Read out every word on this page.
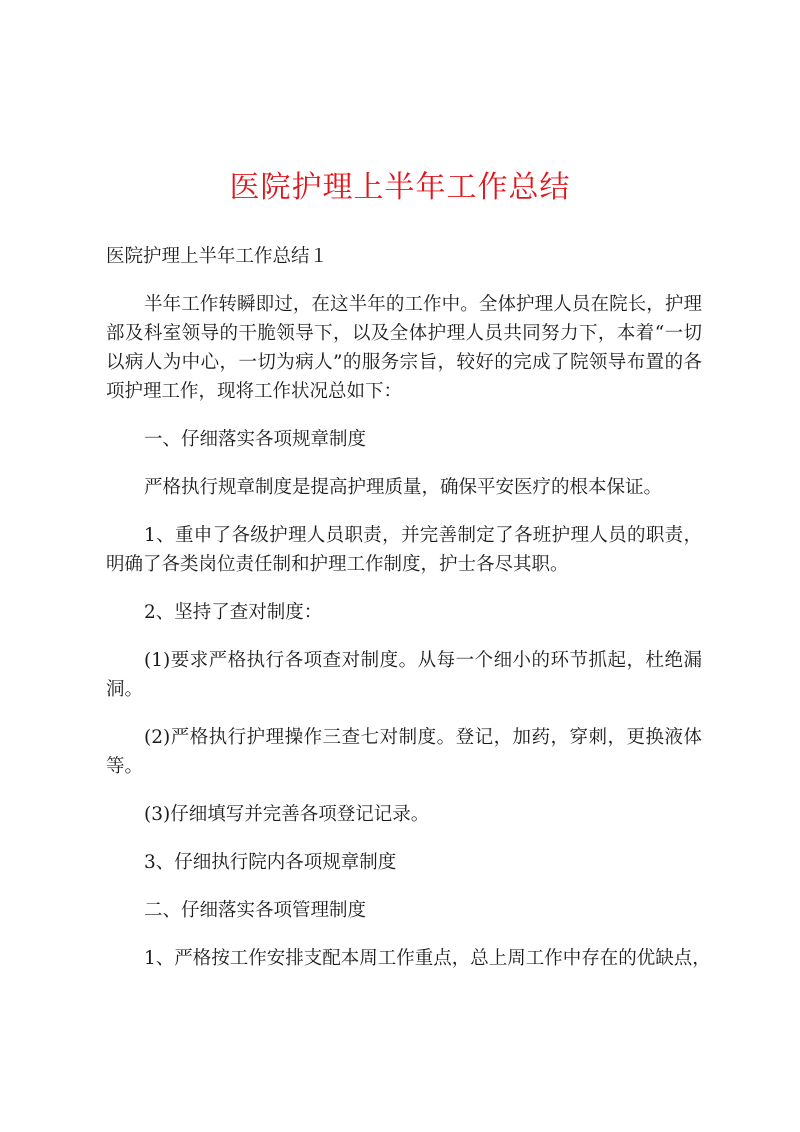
医院护理上半年工作总结

医院护理上半年工作总结１

半年工作转瞬即过，在这半年的工作中。全体护理人员在院长，护理

部及科室领导的干脆领导下，以及全体护理人员共同努力下，本着“一切

以病人为中心，一切为病人”的服务宗旨，较好的完成了院领导布置的各

项护理工作，现将工作状况总如下：

一、仔细落实各项规章制度

严格执行规章制度是提高护理质量，确保平安医疗的根本保证。

1、重申了各级护理人员职责，并完善制定了各班护理人员的职责，

明确了各类岗位责任制和护理工作制度，护士各尽其职。

2、坚持了查对制度：

(1)要求严格执行各项查对制度。从每一个细小的环节抓起，杜绝漏

洞。

(2)严格执行护理操作三查七对制度。登记，加药，穿刺，更换液体

等。

(3)仔细填写并完善各项登记记录。

3、仔细执行院内各项规章制度

二、仔细落实各项管理制度

1、严格按工作安排支配本周工作重点，总上周工作中存在的优缺点，
